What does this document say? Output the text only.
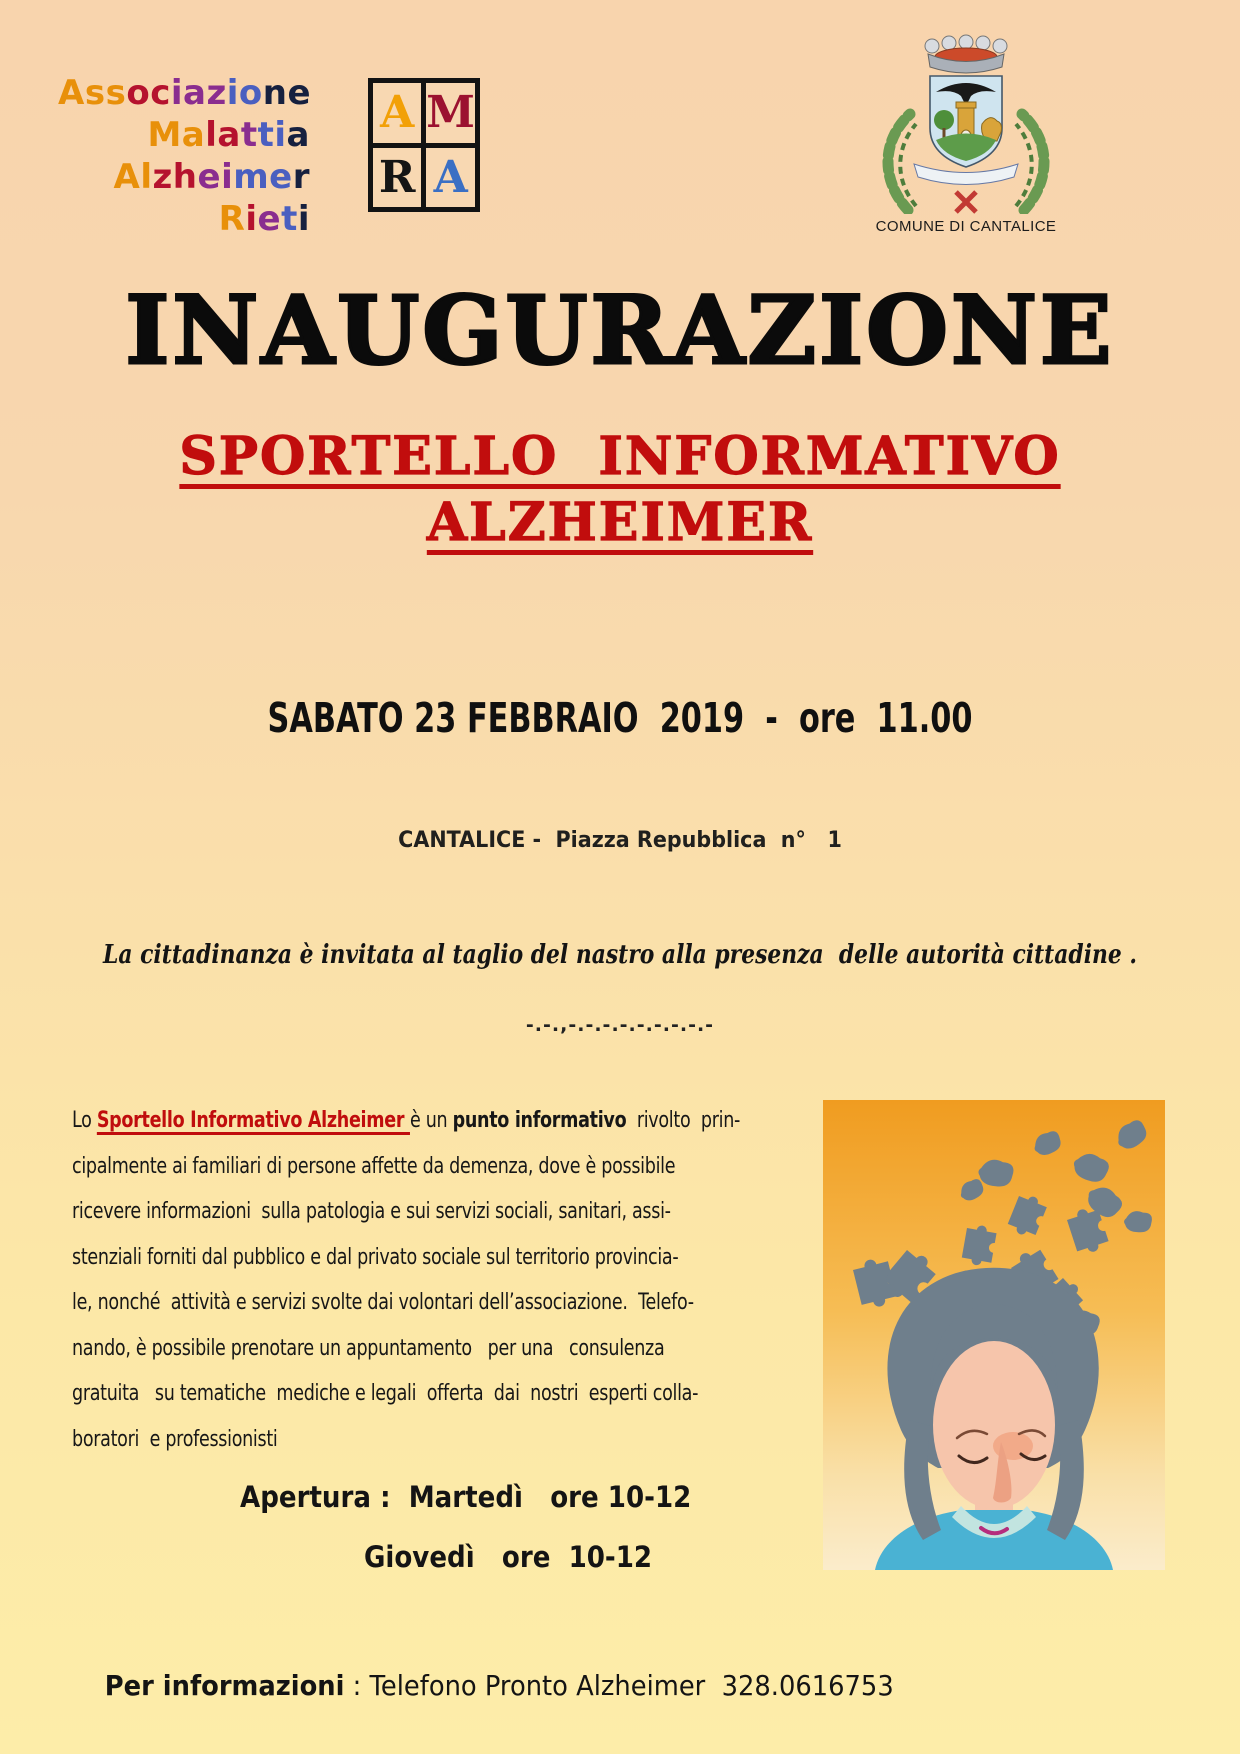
Associazione
Malattia
Alzheimer
Rieti
A M
R A
COMUNE DI CANTALICE
INAUGURAZIONE
SPORTELLO  INFORMATIVO
ALZHEIMER
SABATO 23 FEBBRAIO  2019  -  ore  11.00
CANTALICE -  Piazza Repubblica  n°   1
La cittadinanza è invitata al taglio del nastro alla presenza  delle autorità cittadine .
-.-.,-.-.-.-.-.-.-.-.-
Lo Sportello Informativo Alzheimer è un punto informativo  rivolto  prin-
cipalmente ai familiari di persone affette da demenza, dove è possibile
ricevere informazioni  sulla patologia e sui servizi sociali, sanitari, assi-
stenziali forniti dal pubblico e dal privato sociale sul territorio provincia-
le, nonché  attività e servizi svolte dai volontari dell’associazione.  Telefo-
nando, è possibile prenotare un appuntamento   per una   consulenza
gratuita   su tematiche  mediche e legali  offerta  dai  nostri  esperti colla-
boratori  e professionisti
Apertura :  Martedì   ore 10-12
Giovedì   ore  10-12

Per informazioni : Telefono Pronto Alzheimer  328.0616753
